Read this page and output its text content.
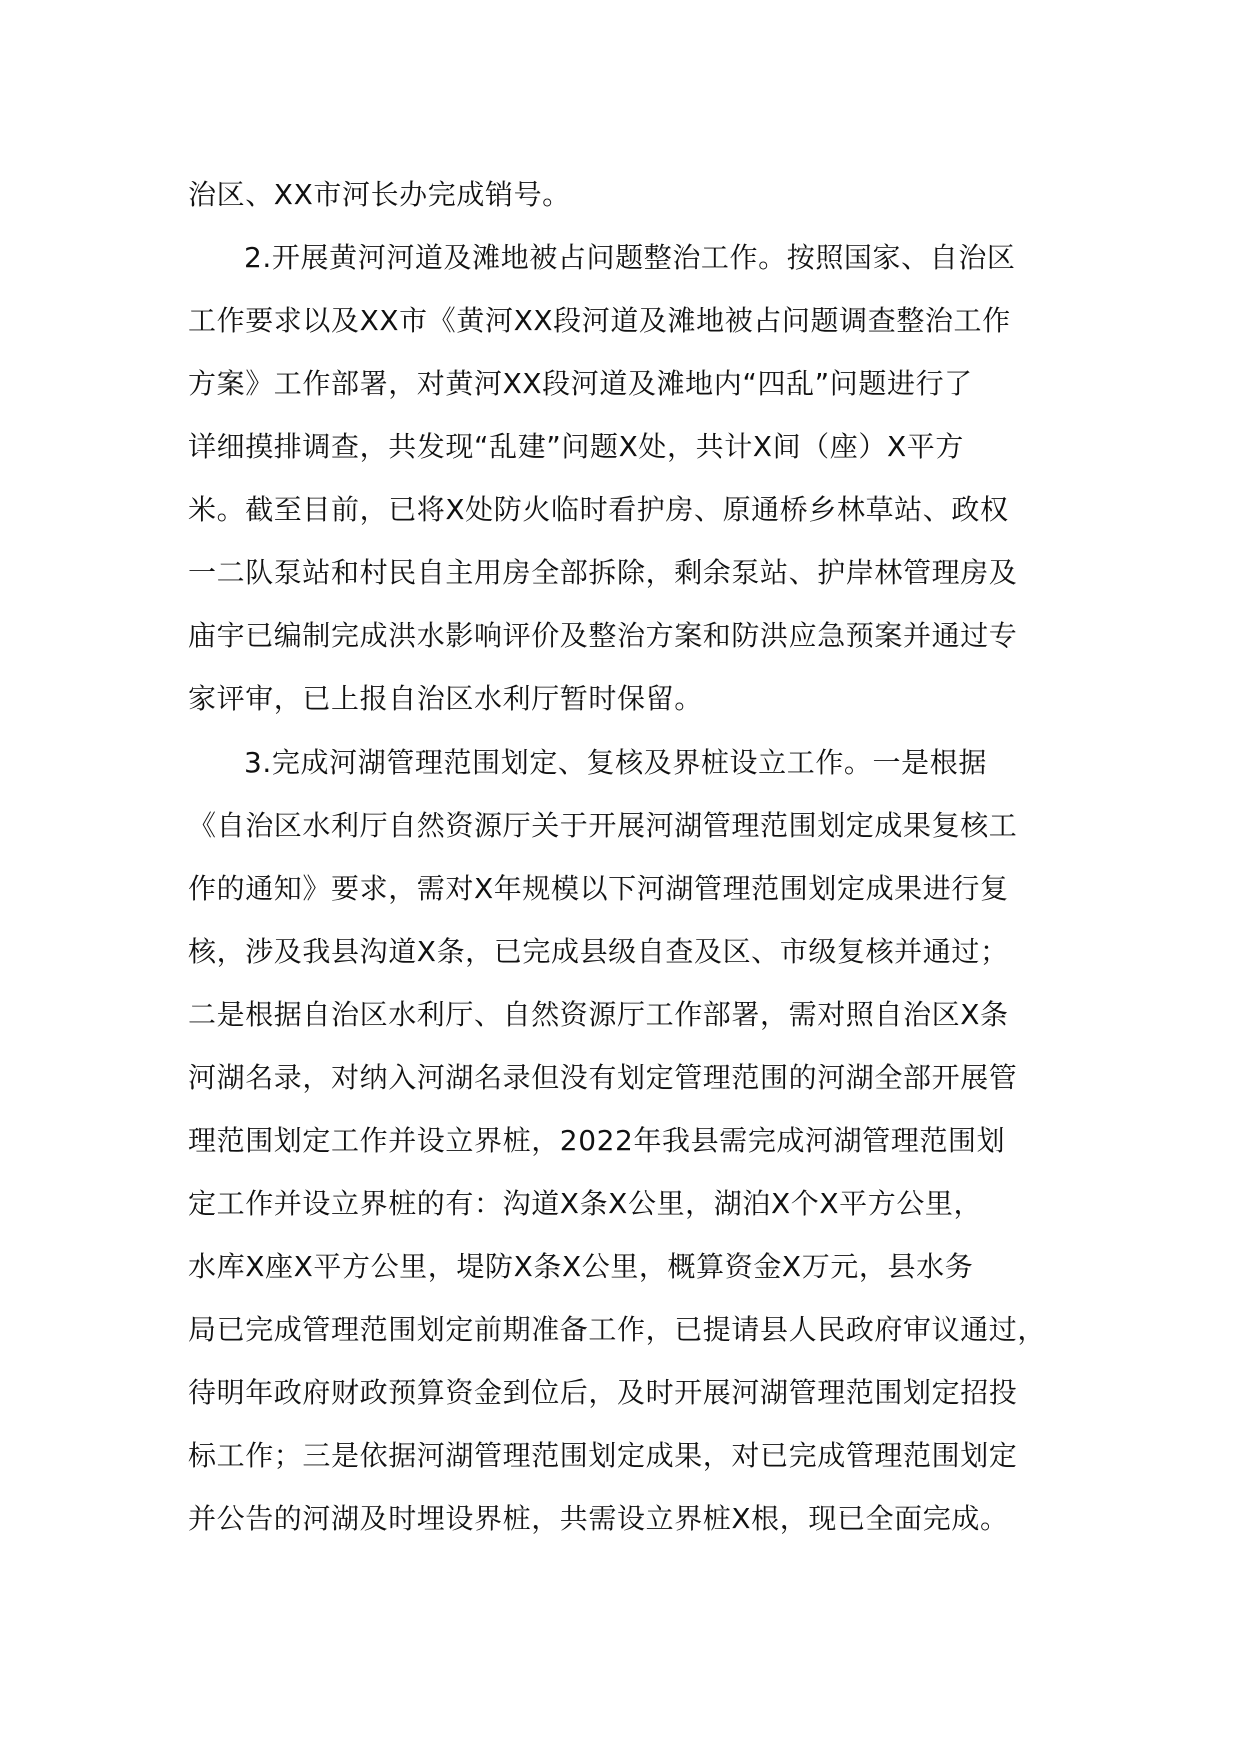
治区、XX市河长办完成销号。
2.开展黄河河道及滩地被占问题整治工作。按照国家、自治区
工作要求以及XX市《黄河XX段河道及滩地被占问题调查整治工作
方案》工作部署，对黄河XX段河道及滩地内“四乱”问题进行了
详细摸排调查，共发现“乱建”问题X处，共计X间（座）X平方
米。截至目前，已将X处防火临时看护房、原通桥乡林草站、政权
一二队泵站和村民自主用房全部拆除，剩余泵站、护岸林管理房及
庙宇已编制完成洪水影响评价及整治方案和防洪应急预案并通过专
家评审，已上报自治区水利厅暂时保留。
3.完成河湖管理范围划定、复核及界桩设立工作。一是根据
《自治区水利厅自然资源厅关于开展河湖管理范围划定成果复核工
作的通知》要求，需对X年规模以下河湖管理范围划定成果进行复
核，涉及我县沟道X条，已完成县级自查及区、市级复核并通过；
二是根据自治区水利厅、自然资源厅工作部署，需对照自治区X条
河湖名录，对纳入河湖名录但没有划定管理范围的河湖全部开展管
理范围划定工作并设立界桩，2022年我县需完成河湖管理范围划
定工作并设立界桩的有：沟道X条X公里，湖泊X个X平方公里，
水库X座X平方公里，堤防X条X公里，概算资金X万元，县水务
局已完成管理范围划定前期准备工作，已提请县人民政府审议通过，
待明年政府财政预算资金到位后，及时开展河湖管理范围划定招投
标工作；三是依据河湖管理范围划定成果，对已完成管理范围划定
并公告的河湖及时埋设界桩，共需设立界桩X根，现已全面完成。
